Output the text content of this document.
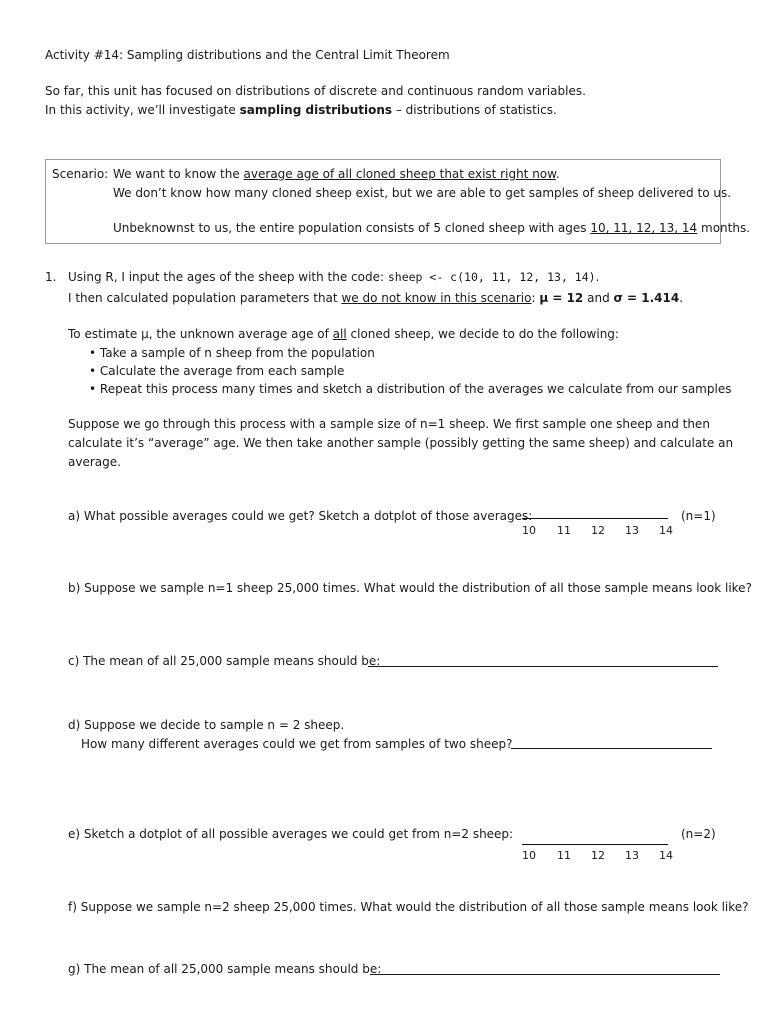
Activity #14: Sampling distributions and the Central Limit Theorem
So far, this unit has focused on distributions of discrete and continuous random variables.
In this activity, we’ll investigate sampling distributions – distributions of statistics.
Scenario: We want to know the average age of all cloned sheep that exist right now.
We don’t know how many cloned sheep exist, but we are able to get samples of sheep delivered to us.
Unbeknownst to us, the entire population consists of 5 cloned sheep with ages 10, 11, 12, 13, 14 months.
1. Using R, I input the ages of the sheep with the code: sheep <- c(10, 11, 12, 13, 14).
I then calculated population parameters that we do not know in this scenario: μ = 12 and σ = 1.414.
To estimate μ, the unknown average age of all cloned sheep, we decide to do the following:
• Take a sample of n sheep from the population
• Calculate the average from each sample
• Repeat this process many times and sketch a distribution of the averages we calculate from our samples
Suppose we go through this process with a sample size of n=1 sheep. We first sample one sheep and then
calculate it’s “average” age. We then take another sample (possibly getting the same sheep) and calculate an
average.
a) What possible averages could we get? Sketch a dotplot of those averages:	(n=1)
10 11 12 13 14
b) Suppose we sample n=1 sheep 25,000 times. What would the distribution of all those sample means look like?
c) The mean of all 25,000 sample means should be:
d) Suppose we decide to sample n = 2 sheep.
How many different averages could we get from samples of two sheep?
e) Sketch a dotplot of all possible averages we could get from n=2 sheep:	(n=2)
10 11 12 13 14
f) Suppose we sample n=2 sheep 25,000 times. What would the distribution of all those sample means look like?
g) The mean of all 25,000 sample means should be:
